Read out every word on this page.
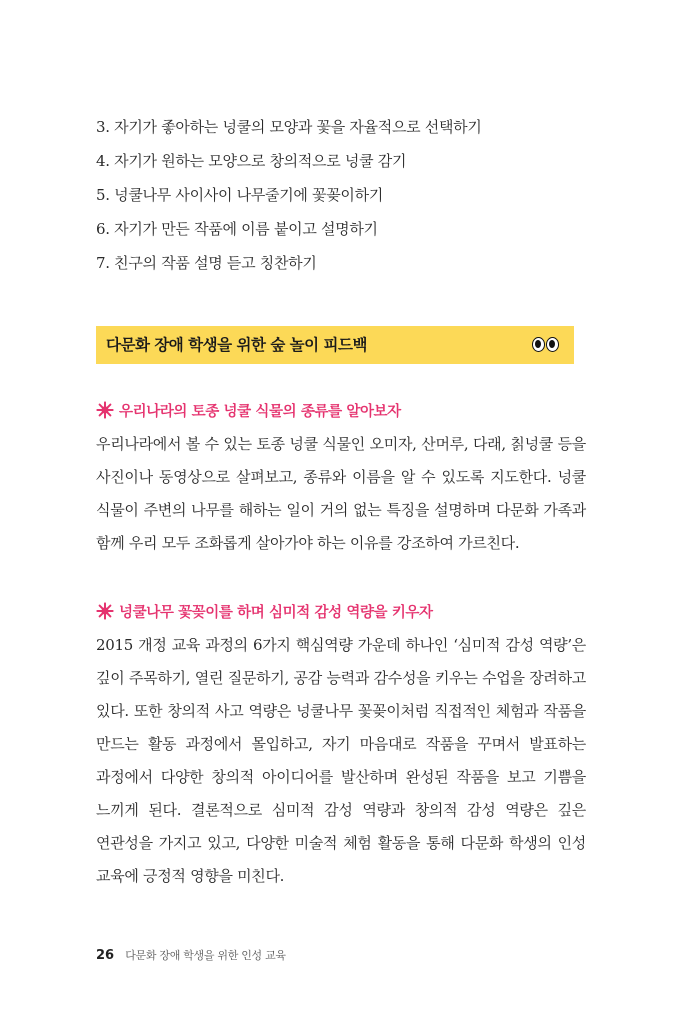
3. 자기가 좋아하는 넝쿨의 모양과 꽃을 자율적으로 선택하기
4. 자기가 원하는 모양으로 창의적으로 넝쿨 감기
5. 넝쿨나무 사이사이 나무줄기에 꽃꽂이하기
6. 자기가 만든 작품에 이름 붙이고 설명하기
7. 친구의 작품 설명 듣고 칭찬하기
다문화 장애 학생을 위한 숲 놀이 피드백
우리나라의 토종 넝쿨 식물의 종류를 알아보자

우리나라에서 볼 수 있는 토종 넝쿨 식물인 오미자, 산머루, 다래, 칡넝쿨 등을 사진이나 동영상으로 살펴보고, 종류와 이름을 알 수 있도록 지도한다. 넝쿨 식물이 주변의 나무를 해하는 일이 거의 없는 특징을 설명하며 다문화 가족과 함께 우리 모두 조화롭게 살아가야 하는 이유를 강조하여 가르친다.

넝쿨나무 꽃꽂이를 하며 심미적 감성 역량을 키우자

2015 개정 교육 과정의 6가지 핵심역량 가운데 하나인 ‘심미적 감성 역량’은 깊이 주목하기, 열린 질문하기, 공감 능력과 감수성을 키우는 수업을 장려하고 있다. 또한 창의적 사고 역량은 넝쿨나무 꽃꽂이처럼 직접적인 체험과 작품을 만드는 활동 과정에서 몰입하고, 자기 마음대로 작품을 꾸며서 발표하는 과정에서 다양한 창의적 아이디어를 발산하며 완성된 작품을 보고 기쁨을 느끼게 된다. 결론적으로 심미적 감성 역량과 창의적 감성 역량은 깊은 연관성을 가지고 있고, 다양한 미술적 체험 활동을 통해 다문화 학생의 인성 교육에 긍정적 영향을 미친다.

26 다문화 장애 학생을 위한 인성 교육
